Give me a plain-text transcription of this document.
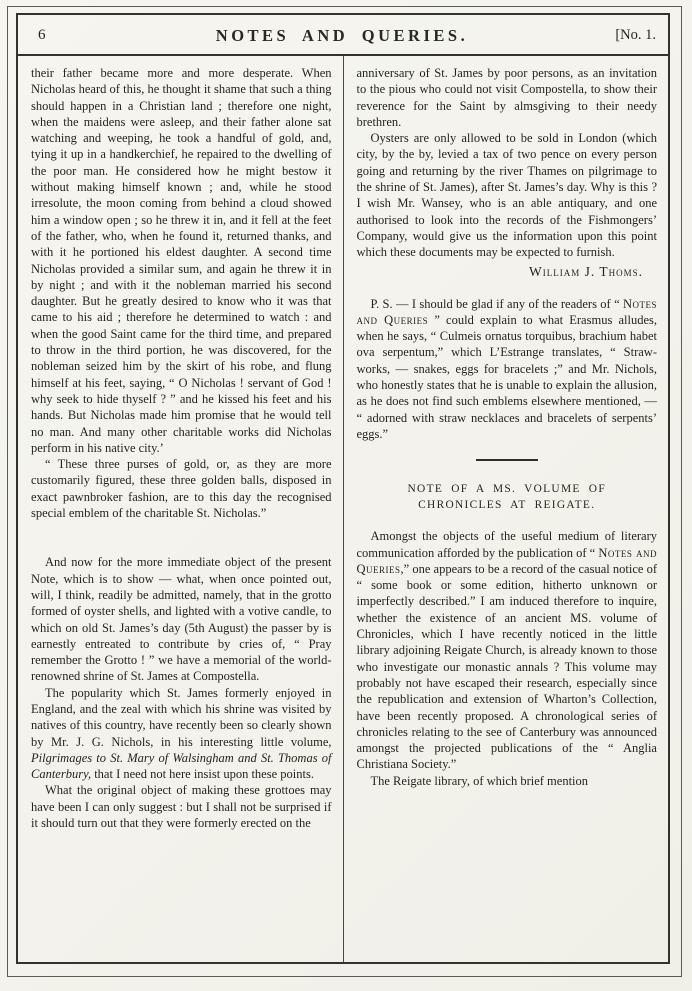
6	NOTES AND QUERIES.	[No. 1.

their father became more and more desperate. When Nicholas heard of this, he thought it shame that such a thing should happen in a Christian land ; therefore one night, when the maidens were asleep, and their father alone sat watching and weeping, he took a handful of gold, and, tying it up in a handkerchief, he repaired to the dwelling of the poor man. He considered how he might bestow it without making himself known ; and, while he stood irresolute, the moon coming from behind a cloud showed him a window open ; so he threw it in, and it fell at the feet of the father, who, when he found it, returned thanks, and with it he portioned his eldest daughter. A second time Nicholas provided a similar sum, and again he threw it in by night ; and with it the nobleman married his second daughter. But he greatly desired to know who it was that came to his aid ; therefore he determined to watch : and when the good Saint came for the third time, and prepared to throw in the third portion, he was discovered, for the nobleman seized him by the skirt of his robe, and flung himself at his feet, saying, “ O Nicholas ! servant of God ! why seek to hide thyself ? ” and he kissed his feet and his hands. But Nicholas made him promise that he would tell no man. And many other charitable works did Nicholas perform in his native city.’

“ These three purses of gold, or, as they are more customarily figured, these three golden balls, disposed in exact pawnbroker fashion, are to this day the recognised special emblem of the charitable St. Nicholas.”

And now for the more immediate object of the present Note, which is to show — what, when once pointed out, will, I think, readily be admitted, namely, that in the grotto formed of oyster shells, and lighted with a votive candle, to which on old St. James’s day (5th August) the passer by is earnestly entreated to contribute by cries of, “ Pray remember the Grotto ! ” we have a memorial of the world-renowned shrine of St. James at Compostella.

The popularity which St. James formerly enjoyed in England, and the zeal with which his shrine was visited by natives of this country, have recently been so clearly shown by Mr. J. G. Nichols, in his interesting little volume, Pilgrimages to St. Mary of Walsingham and St. Thomas of Canterbury, that I need not here insist upon these points.

What the original object of making these grottoes may have been I can only suggest : but I shall not be surprised if it should turn out that they were formerly erected on the

anniversary of St. James by poor persons, as an invitation to the pious who could not visit Compostella, to show their reverence for the Saint by almsgiving to their needy brethren.

Oysters are only allowed to be sold in London (which city, by the by, levied a tax of two pence on every person going and returning by the river Thames on pilgrimage to the shrine of St. James), after St. James’s day. Why is this ? I wish Mr. Wansey, who is an able antiquary, and one authorised to look into the records of the Fishmongers’ Company, would give us the information upon this point which these documents may be expected to furnish.

William J. Thoms.

P. S. — I should be glad if any of the readers of “ Notes and Queries ” could explain to what Erasmus alludes, when he says, “ Culmeis ornatus torquibus, brachium habet ova serpentum,” which L’Estrange translates, “ Straw-works, — snakes, eggs for bracelets ;” and Mr. Nichols, who honestly states that he is unable to explain the allusion, as he does not find such emblems elsewhere mentioned, — “ adorned with straw necklaces and bracelets of serpents’ eggs.”

NOTE OF A MS. VOLUME OF CHRONICLES AT REIGATE.

Amongst the objects of the useful medium of literary communication afforded by the publication of “ Notes and Queries,” one appears to be a record of the casual notice of “ some book or some edition, hitherto unknown or imperfectly described.” I am induced therefore to inquire, whether the existence of an ancient MS. volume of Chronicles, which I have recently noticed in the little library adjoining Reigate Church, is already known to those who investigate our monastic annals ? This volume may probably not have escaped their research, especially since the republication and extension of Wharton’s Collection, have been recently proposed. A chronological series of chronicles relating to the see of Canterbury was announced amongst the projected publications of the “ Anglia Christiana Society.”

The Reigate library, of which brief mention
